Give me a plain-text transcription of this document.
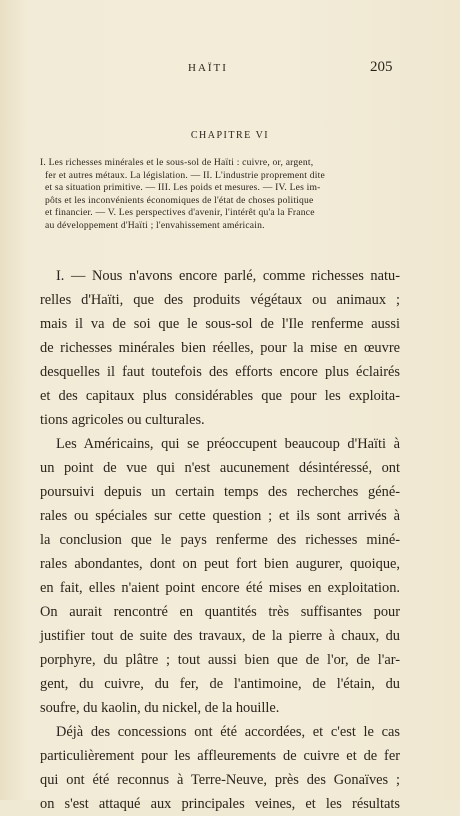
HAÏTI	205
CHAPITRE VI
I. Les richesses minérales et le sous-sol de Haïti : cuivre, or, argent,
fer et autres métaux. La législation. — II. L'industrie proprement dite
et sa situation primitive. — III. Les poids et mesures. — IV. Les im-
pôts et les inconvénients économiques de l'état de choses politique
et financier. — V. Les perspectives d'avenir, l'intérêt qu'a la France
au développement d'Haïti ; l'envahissement américain.
I. — Nous n'avons encore parlé, comme richesses natu-
relles d'Haïti, que des produits végétaux ou animaux ;
mais il va de soi que le sous-sol de l'Ile renferme aussi
de richesses minérales bien réelles, pour la mise en œuvre
desquelles il faut toutefois des efforts encore plus éclairés
et des capitaux plus considérables que pour les exploita-
tions agricoles ou culturales.
Les Américains, qui se préoccupent beaucoup d'Haïti à
un point de vue qui n'est aucunement désintéressé, ont
poursuivi depuis un certain temps des recherches géné-
rales ou spéciales sur cette question ; et ils sont arrivés à
la conclusion que le pays renferme des richesses miné-
rales abondantes, dont on peut fort bien augurer, quoique,
en fait, elles n'aient point encore été mises en exploitation.
On aurait rencontré en quantités très suffisantes pour
justifier tout de suite des travaux, de la pierre à chaux, du
porphyre, du plâtre ; tout aussi bien que de l'or, de l'ar-
gent, du cuivre, du fer, de l'antimoine, de l'étain, du
soufre, du kaolin, du nickel, de la houille.
Déjà des concessions ont été accordées, et c'est le cas
particulièrement pour les affleurements de cuivre et de fer
qui ont été reconnus à Terre-Neuve, près des Gonaïves ;
on s'est attaqué aux principales veines, et les résultats
